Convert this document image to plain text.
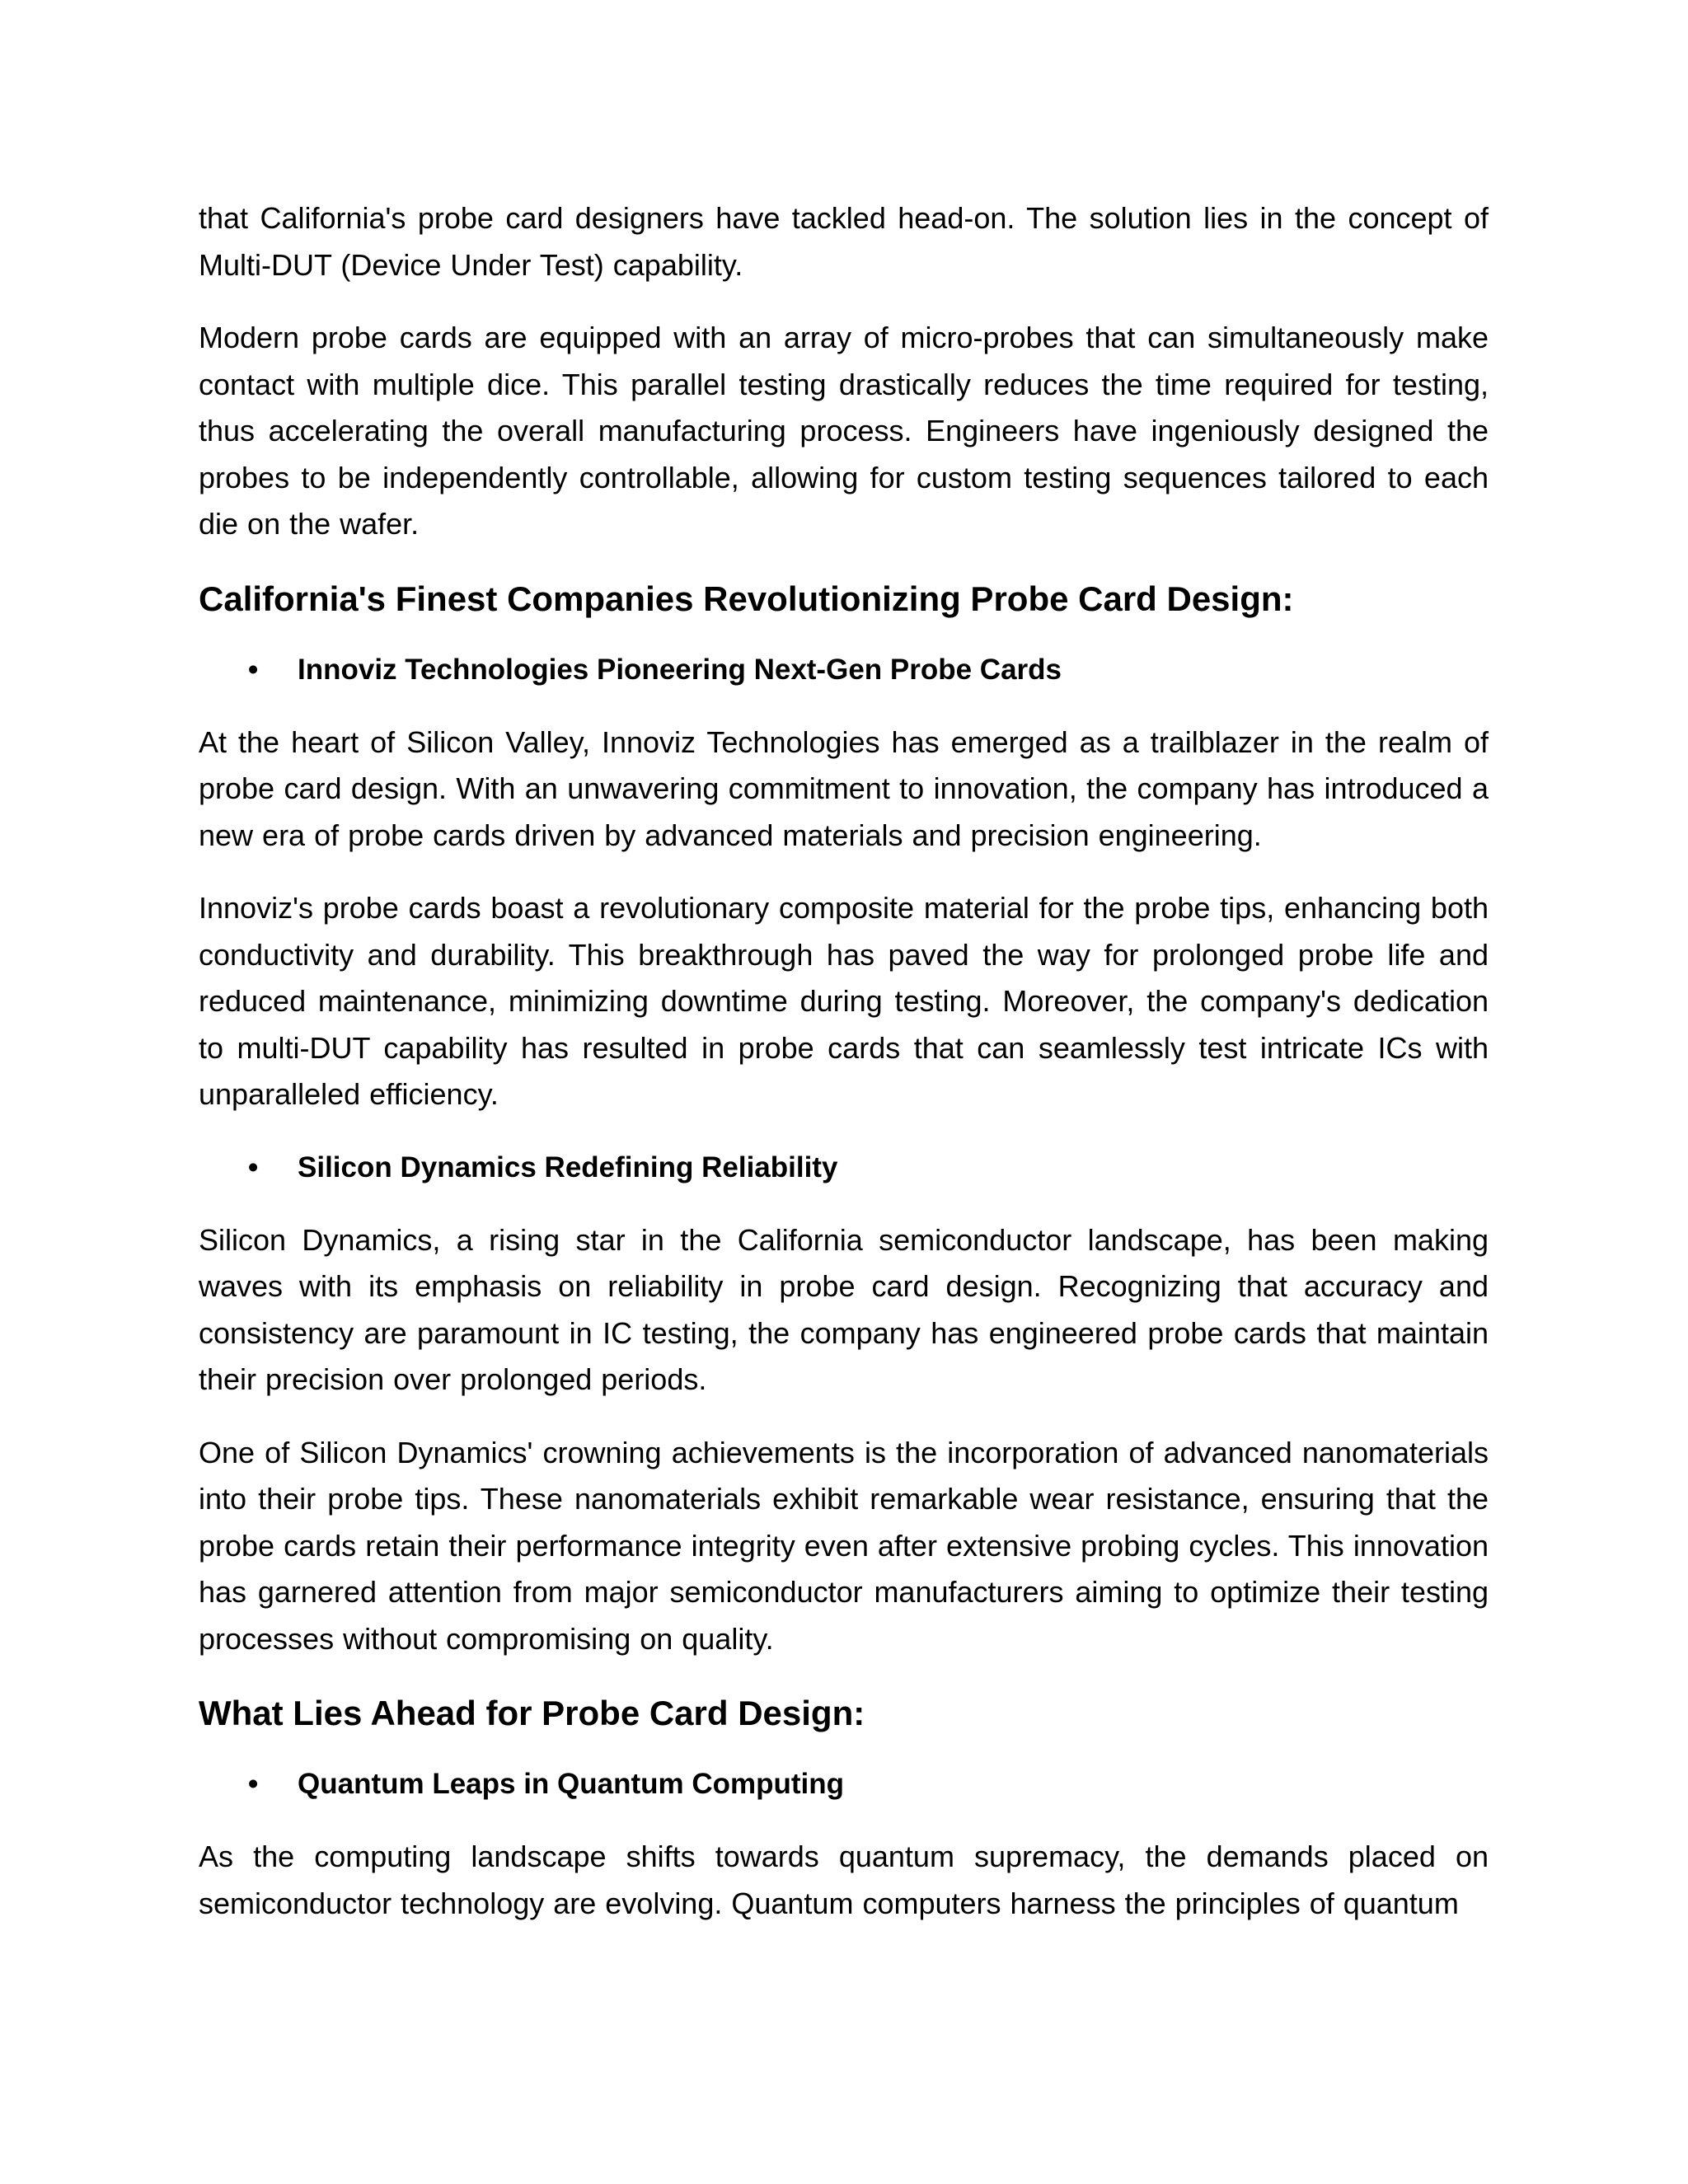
that California's probe card designers have tackled head-on. The solution lies in the concept of Multi-DUT (Device Under Test) capability.

Modern probe cards are equipped with an array of micro-probes that can simultaneously make contact with multiple dice. This parallel testing drastically reduces the time required for testing, thus accelerating the overall manufacturing process. Engineers have ingeniously designed the probes to be independently controllable, allowing for custom testing sequences tailored to each die on the wafer.

California's Finest Companies Revolutionizing Probe Card Design:
• Innoviz Technologies Pioneering Next-Gen Probe Cards

At the heart of Silicon Valley, Innoviz Technologies has emerged as a trailblazer in the realm of probe card design. With an unwavering commitment to innovation, the company has introduced a new era of probe cards driven by advanced materials and precision engineering.

Innoviz's probe cards boast a revolutionary composite material for the probe tips, enhancing both conductivity and durability. This breakthrough has paved the way for prolonged probe life and reduced maintenance, minimizing downtime during testing. Moreover, the company's dedication to multi-DUT capability has resulted in probe cards that can seamlessly test intricate ICs with unparalleled efficiency.

• Silicon Dynamics Redefining Reliability

Silicon Dynamics, a rising star in the California semiconductor landscape, has been making waves with its emphasis on reliability in probe card design. Recognizing that accuracy and consistency are paramount in IC testing, the company has engineered probe cards that maintain their precision over prolonged periods.

One of Silicon Dynamics' crowning achievements is the incorporation of advanced nanomaterials into their probe tips. These nanomaterials exhibit remarkable wear resistance, ensuring that the probe cards retain their performance integrity even after extensive probing cycles. This innovation has garnered attention from major semiconductor manufacturers aiming to optimize their testing processes without compromising on quality.

What Lies Ahead for Probe Card Design:
• Quantum Leaps in Quantum Computing

As the computing landscape shifts towards quantum supremacy, the demands placed on semiconductor technology are evolving. Quantum computers harness the principles of quantum
